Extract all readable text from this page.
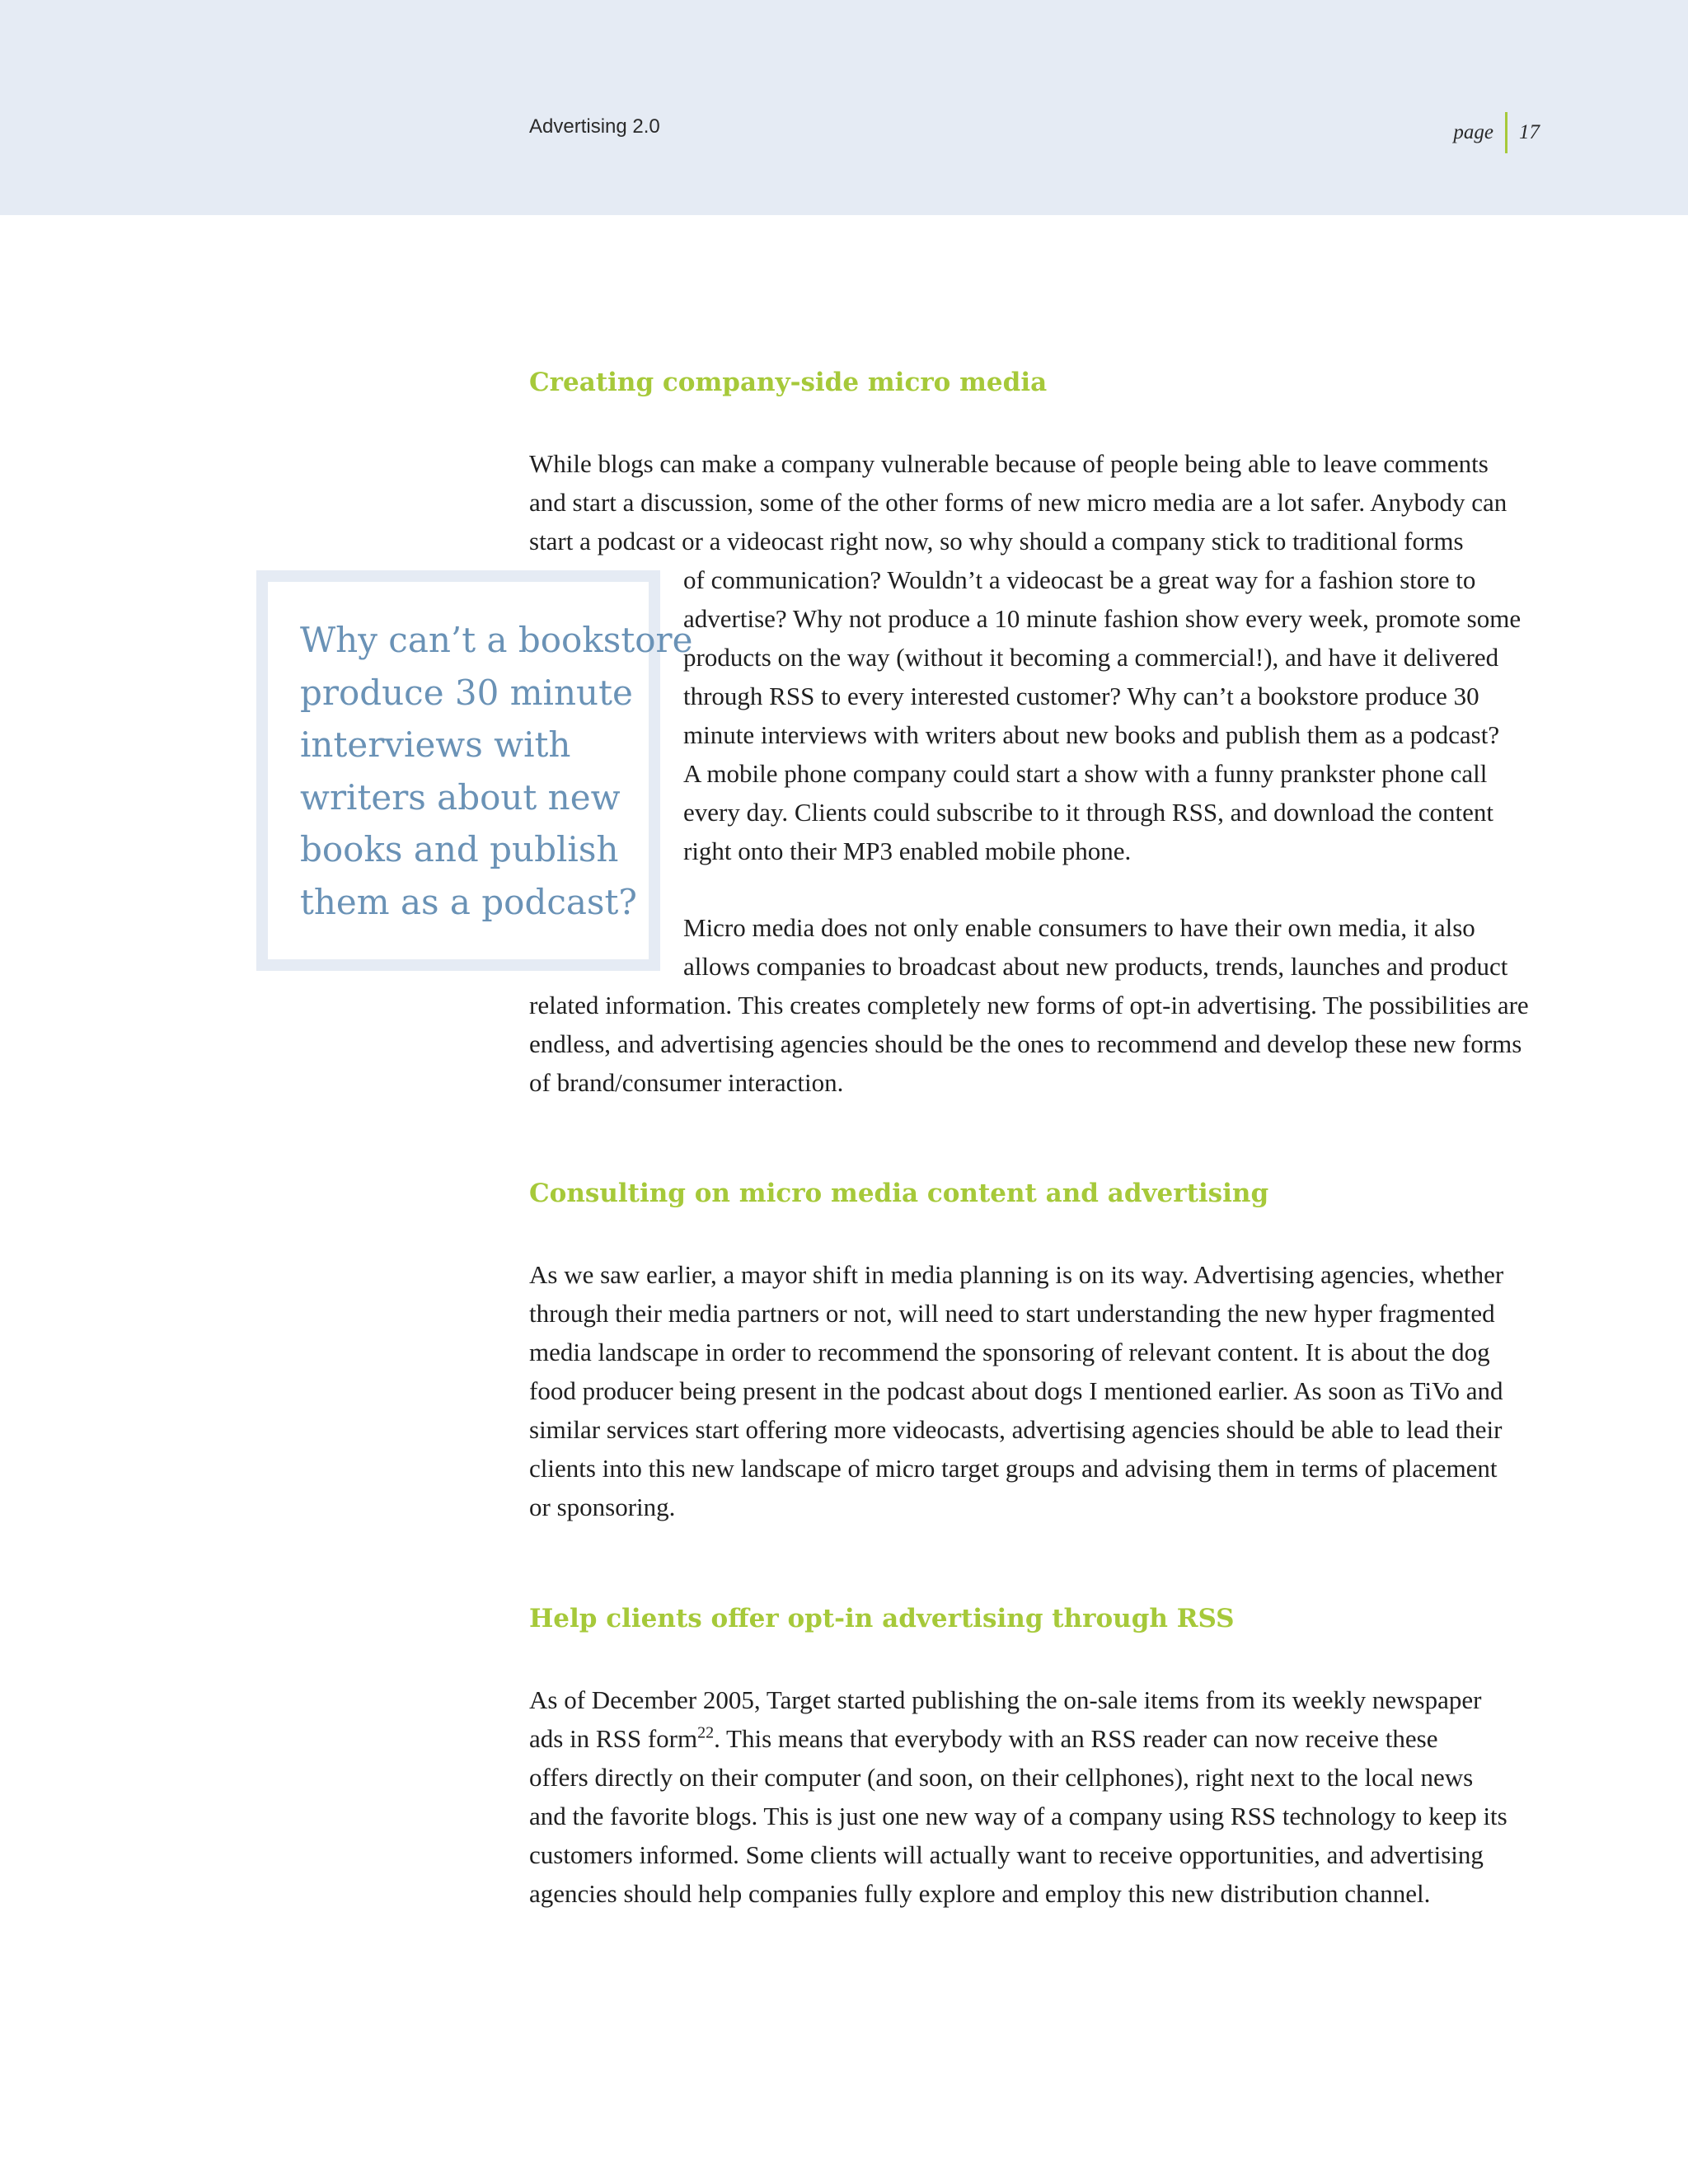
Advertising 2.0	page 17
Creating company-side micro media
While blogs can make a company vulnerable because of people being able to leave comments
and start a discussion, some of the other forms of new micro media are a lot safer. Anybody can
start a podcast or a videocast right now, so why should a company stick to traditional forms
of communication? Wouldn’t a videocast be a great way for a fashion store to
advertise? Why not produce a 10 minute fashion show every week, promote some
products on the way (without it becoming a commercial!), and have it delivered
through RSS to every interested customer? Why can’t a bookstore produce 30
minute interviews with writers about new books and publish them as a podcast?
A mobile phone company could start a show with a funny prankster phone call
every day. Clients could subscribe to it through RSS, and download the content
right onto their MP3 enabled mobile phone.
Micro media does not only enable consumers to have their own media, it also
allows companies to broadcast about new products, trends, launches and product
related information. This creates completely new forms of opt-in advertising. The possibilities are
endless, and advertising agencies should be the ones to recommend and develop these new forms
of brand/consumer interaction.
Why can’t a bookstore
produce 30 minute
interviews with
writers about new
books and publish
them as a podcast?
Consulting on micro media content and advertising
As we saw earlier, a mayor shift in media planning is on its way. Advertising agencies, whether
through their media partners or not, will need to start understanding the new hyper fragmented
media landscape in order to recommend the sponsoring of relevant content. It is about the dog
food producer being present in the podcast about dogs I mentioned earlier. As soon as TiVo and
similar services start offering more videocasts, advertising agencies should be able to lead their
clients into this new landscape of micro target groups and advising them in terms of placement
or sponsoring.
Help clients offer opt-in advertising through RSS
As of December 2005, Target started publishing the on-sale items from its weekly newspaper
ads in RSS form$^{22}$. This means that everybody with an RSS reader can now receive these
offers directly on their computer (and soon, on their cellphones), right next to the local news
and the favorite blogs. This is just one new way of a company using RSS technology to keep its
customers informed. Some clients will actually want to receive opportunities, and advertising
agencies should help companies fully explore and employ this new distribution channel.
